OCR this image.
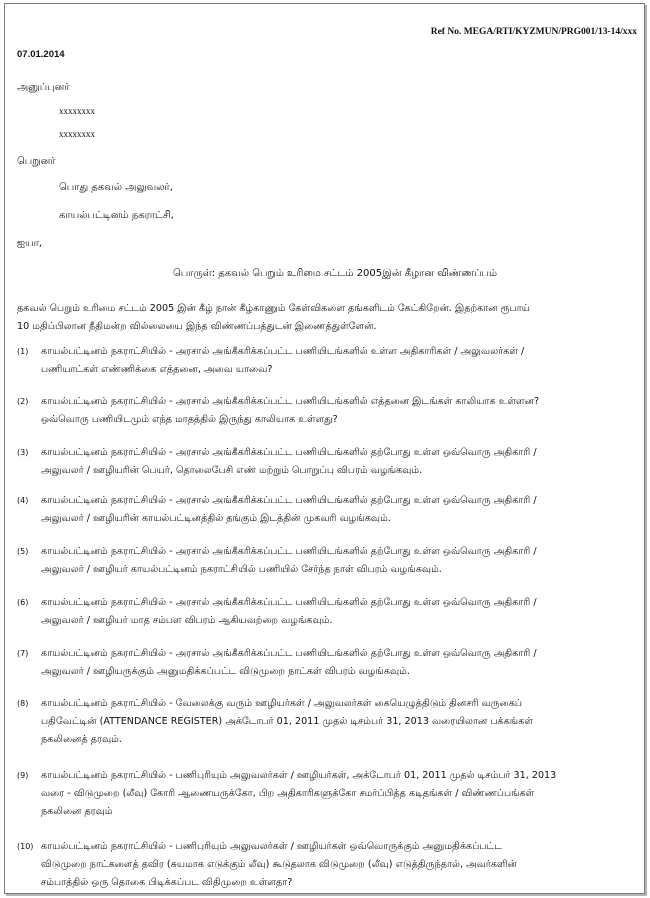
Ref No. MEGA/RTI/KYZMUN/PRG001/13-14/xxx
07.01.2014
அனுப்புனர்
xxxxxxxx
xxxxxxxx
பெறுனர்
பொது தகவல் அலுவலர்,
காயல்பட்டினம் நகராட்சி,
ஐயா,
பொருள்: தகவல் பெறும் உரிமை சட்டம் 2005இன் கீழான விண்ணப்பம்
தகவல் பெறும் உரிமை சட்டம் 2005 இன் கீழ் நான் கீழ்காணும் கேள்விகளை தங்களிடம் கேட்கிறேன். இதற்கான ரூபாய்
10 மதிப்பிலான நீதிமன்ற வில்லையை இந்த விண்ணப்பத்துடன் இணைத்துள்ளேன்.
(1) காயல்பட்டினம் நகராட்சியில் - அரசால் அங்கீகரிக்கப்பட்ட பணியிடங்களில் உள்ள அதிகாரிகள் / அலுவலர்கள் /
பணியாட்கள் எண்ணிக்கை எத்தனை, அவை யாவை?
(2) காயல்பட்டினம் நகராட்சியில் - அரசால் அங்கீகரிக்கப்பட்ட பணியிடங்களில் எத்தனை இடங்கள் காலியாக உள்ளன?
ஒவ்வொரு பணியிடமும் எந்த மாதத்தில் இருந்து காலியாக உள்ளது?
(3) காயல்பட்டினம் நகராட்சியில் - அரசால் அங்கீகரிக்கப்பட்ட பணியிடங்களில் தற்போது உள்ள ஒவ்வொரு அதிகாரி /
அலுவலர் / ஊழியரின் பெயர், தொலைபேசி எண் மற்றும் பொறுப்பு விபரம் வழங்கவும்.
(4) காயல்பட்டினம் நகராட்சியில் - அரசால் அங்கீகரிக்கப்பட்ட பணியிடங்களில் தற்போது உள்ள ஒவ்வொரு அதிகாரி /
அலுவலர் / ஊழியரின் காயல்பட்டினத்தில் தங்கும் இடத்தின் முகவரி வழங்கவும்.
(5) காயல்பட்டினம் நகராட்சியில் - அரசால் அங்கீகரிக்கப்பட்ட பணியிடங்களில் தற்போது உள்ள ஒவ்வொரு அதிகாரி /
அலுவலர் / ஊழியர் காயல்பட்டினம் நகராட்சியில் பணியில் சேர்ந்த நாள் விபரம் வழங்கவும்.
(6) காயல்பட்டினம் நகராட்சியில் - அரசால் அங்கீகரிக்கப்பட்ட பணியிடங்களில் தற்போது உள்ள ஒவ்வொரு அதிகாரி /
அலுவலர் / ஊழியர் மாத சம்பள விபரம் ஆகியவற்றை வழங்கவும்.
(7) காயல்பட்டினம் நகராட்சியில் - அரசால் அங்கீகரிக்கப்பட்ட பணியிடங்களில் தற்போது உள்ள ஒவ்வொரு அதிகாரி /
அலுவலர் / ஊழியருக்கும் அனுமதிக்கப்பட்ட விடுமுறை நாட்கள் விபரம் வழங்கவும்.
(8) காயல்பட்டினம் நகராட்சியில் - வேலைக்கு வரும் ஊழியர்கள் / அலுவலர்கள் கையெழுத்திடும் தினசரி வருகைப்
பதிவேட்டின் (ATTENDANCE REGISTER) அக்டோபர் 01, 2011 முதல் டிசம்பர் 31, 2013 வரையிலான பக்கங்கள்
நகலினைத் தரவும்.
(9) காயல்பட்டினம் நகராட்சியில் - பணிபுரியும் அலுவலர்கள் / ஊழியர்கள், அக்டோபர் 01, 2011 முதல் டிசம்பர் 31, 2013
வரை - விடுமுறை (லீவு) கோரி ஆணையருக்கோ, பிற அதிகாரிகளுக்கோ சமர்ப்பித்த கடிதங்கள் / விண்ணப்பங்கள்
நகலினை தரவும்
(10) காயல்பட்டினம் நகராட்சியில் - பணிபுரியும் அலுவலர்கள் / ஊழியர்கள் ஒவ்வொருக்கும் அனுமதிக்கப்பட்ட
விடுமுறை நாட்களைத் தவிர (சுயமாக எடுக்கும் லீவு) கூடுதலாக விடுமுறை (லீவு) எடுத்திருந்தால், அவர்களின்
சம்பாத்தில் ஒரு தொகை பிடிக்கப்பட விதிமுறை உள்ளதா?
